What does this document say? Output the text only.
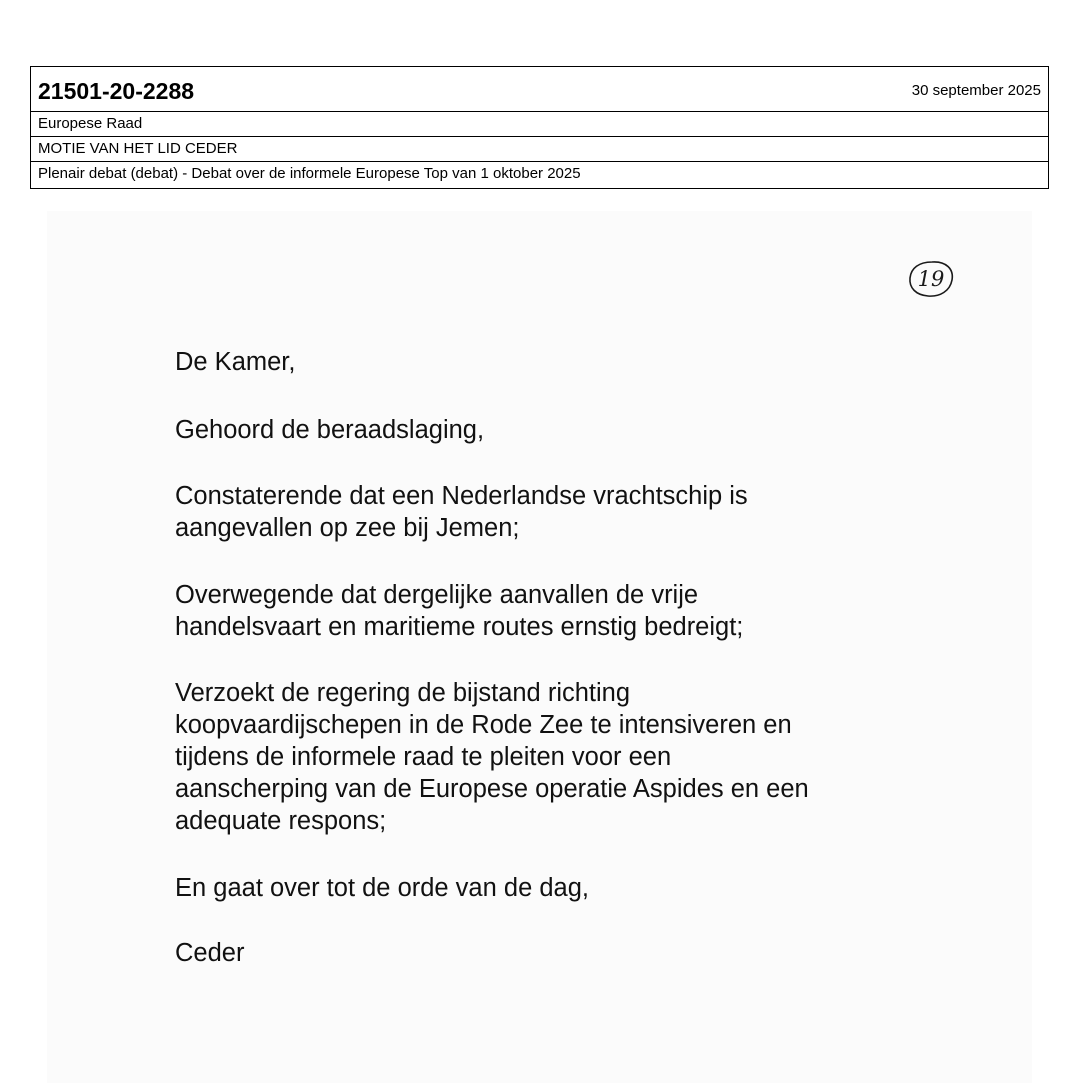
21501-20-2288	30 september 2025
Europese Raad
MOTIE VAN HET LID CEDER
Plenair debat (debat) - Debat over de informele Europese Top van 1 oktober 2025
19

De Kamer,

Gehoord de beraadslaging,

Constaterende dat een Nederlandse vrachtschip is

aangevallen op zee bij Jemen;

Overwegende dat dergelijke aanvallen de vrije

handelsvaart en maritieme routes ernstig bedreigt;

Verzoekt de regering de bijstand richting

koopvaardijschepen in de Rode Zee te intensiveren en

tijdens de informele raad te pleiten voor een

aanscherping van de Europese operatie Aspides en een

adequate respons;

En gaat over tot de orde van de dag,

Ceder
